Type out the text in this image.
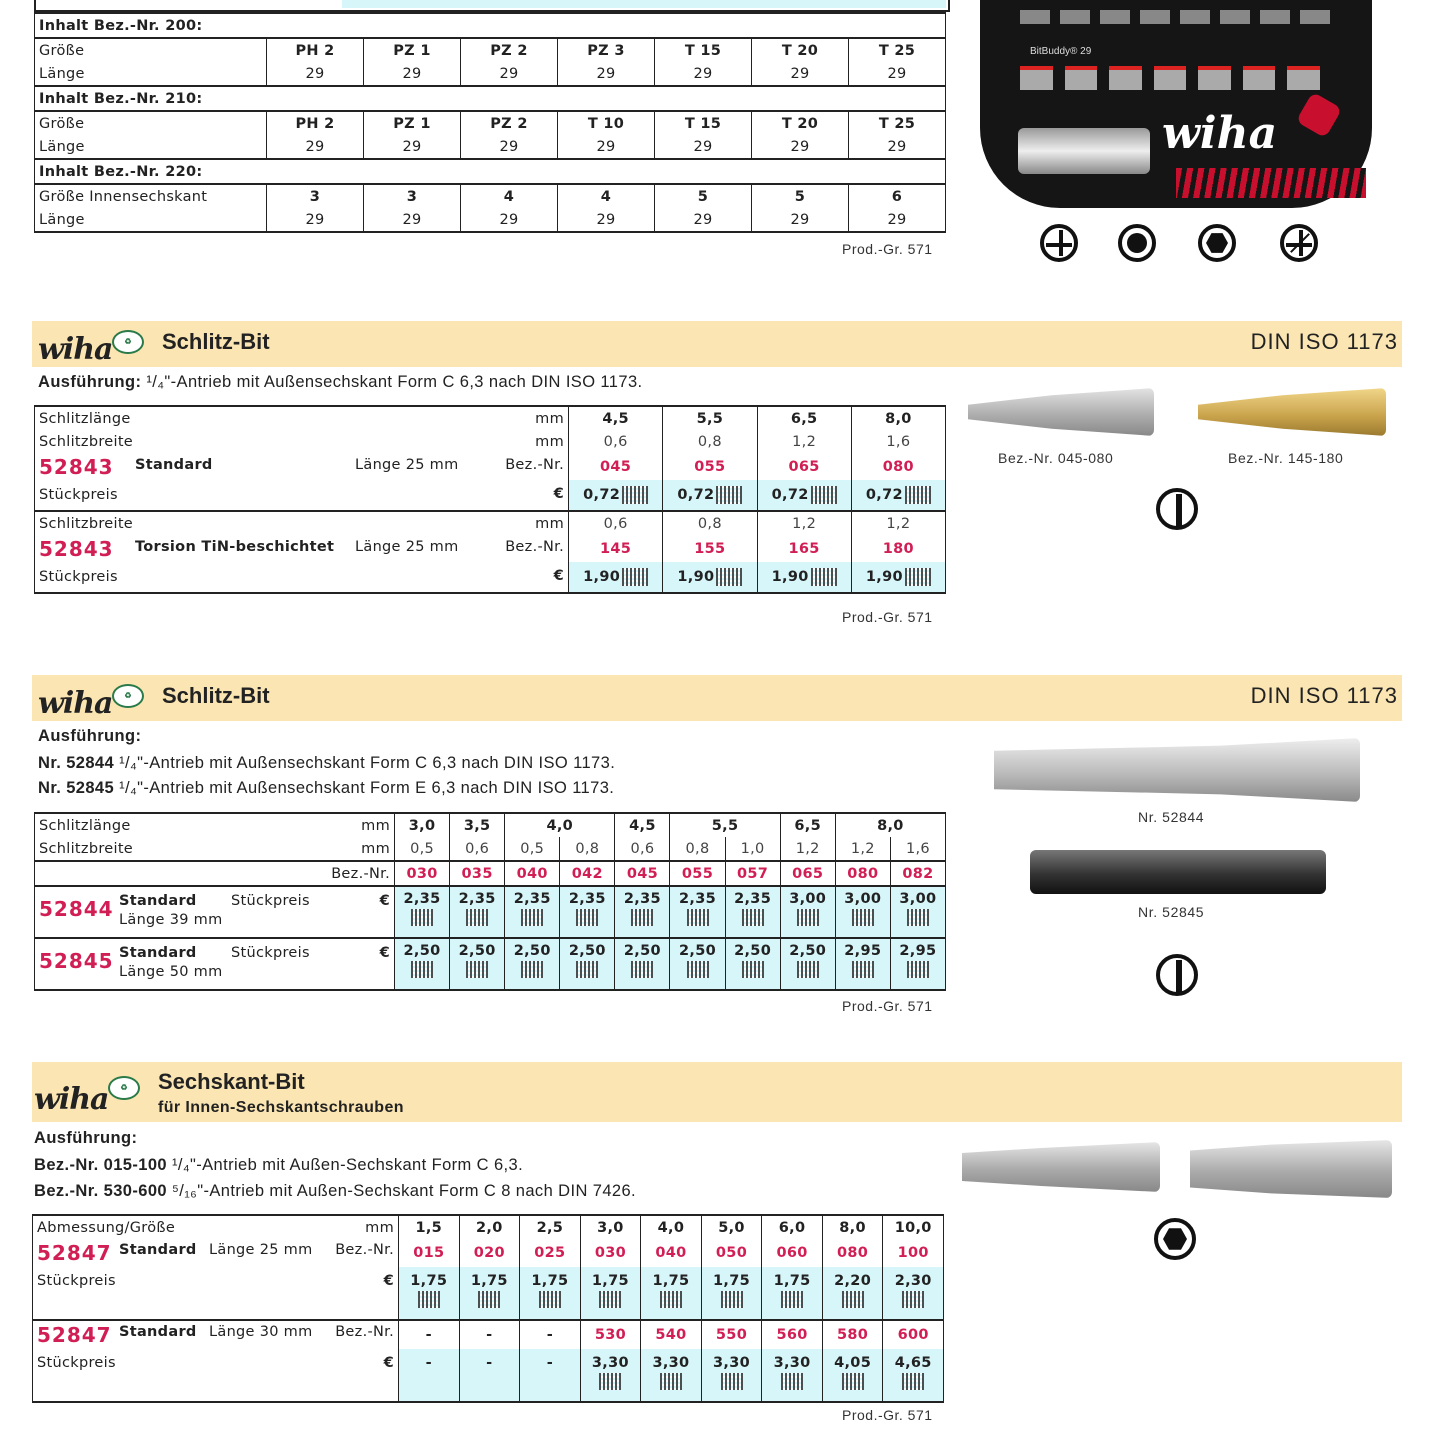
Inhalt Bez.-Nr. 200:							
Größe	PH 2	PZ 1	PZ 2	PZ 3	T 15	T 20	T 25
Länge	29	29	29	29	29	29	29
Inhalt Bez.-Nr. 210:							
Größe	PH 2	PZ 1	PZ 2	T 10	T 15	T 20	T 25
Länge	29	29	29	29	29	29	29
Inhalt Bez.-Nr. 220:							
Größe Innensechskant	3	3	4	4	5	5	6
Länge	29	29	29	29	29	29	29
Prod.-Gr. 571
BitBuddy® 29
wiha
wiha	♻	Schlitz-Bit	DIN ISO 1173
Ausführung: ¹/₄"-Antrieb mit Außensechskant Form C 6,3 nach DIN ISO 1173.
Schlitzlänge mm	4,5	5,5	6,5	8,0
Schlitzbreite mm	0,6	0,8	1,2	1,6
52843 Standard Länge 25 mm Bez.-Nr.	045	055	065	080
Stückpreis €	0,72	0,72	0,72	0,72
Schlitzbreite mm	0,6	0,8	1,2	1,2
52843 Torsion TiN-beschichtet Länge 25 mm Bez.-Nr.	145	155	165	180
Stückpreis €	1,90	1,90	1,90	1,90
Prod.-Gr. 571
Bez.-Nr. 045-080	Bez.-Nr. 145-180
wiha	♻	Schlitz-Bit	DIN ISO 1173
Ausführung:
Nr. 52844 ¹/₄"-Antrieb mit Außensechskant Form C 6,3 nach DIN ISO 1173.
Nr. 52845 ¹/₄"-Antrieb mit Außensechskant Form E 6,3 nach DIN ISO 1173.
Schlitzlänge mm	3,0	3,5	4,0		4,5	5,5		6,5	8,0	
Schlitzbreite mm	0,5	0,6	0,5	0,8	0,6	0,8	1,0	1,2	1,2	1,6
Bez.-Nr.	030	035	040	042	045	055	057	065	080	082

52844 Standard
Länge 39 mm
Stückpreis €	2,35	2,35	2,35	2,35	2,35	2,35	2,35	3,00	3,00	3,00

52845 Standard
Länge 50 mm
Stückpreis €	2,50	2,50	2,50	2,50	2,50	2,50	2,50	2,50	2,95	2,95
Prod.-Gr. 571
Nr. 52844
Nr. 52845
wiha	♻	Sechskant-Bit
für Innen-Sechskantschrauben
Ausführung:
Bez.-Nr. 015-100 ¹/₄"-Antrieb mit Außen-Sechskant Form C 6,3.
Bez.-Nr. 530-600 ⁵/₁₆"-Antrieb mit Außen-Sechskant Form C 8 nach DIN 7426.
Abmessung/Größe mm	1,5	2,0	2,5	3,0	4,0	5,0	6,0	8,0	10,0
52847 Standard Länge 25 mm Bez.-Nr.	015	020	025	030	040	050	060	080	100

Stückpreis €	1,75	1,75	1,75	1,75	1,75	1,75	1,75	2,20	2,30

52847 Standard Länge 30 mm Bez.-Nr.	-	-	-	530	540	550	560	580	600

Stückpreis €	-	-	-	3,30	3,30	3,30	3,30	4,05	4,65
Prod.-Gr. 571
